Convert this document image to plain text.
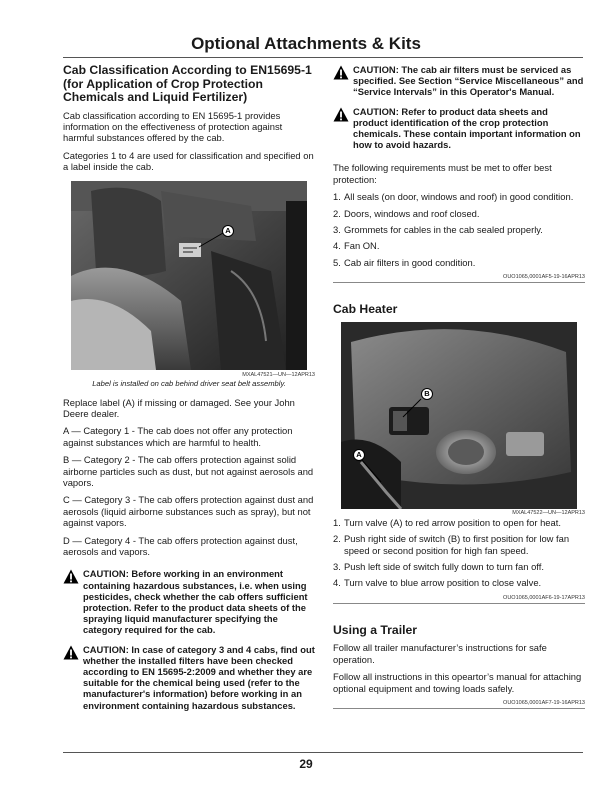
Optional Attachments & Kits
Cab Classification According to EN15695-1 (for Application of Crop Protection Chemicals and Liquid Fertilizer)

Cab classification according to EN 15695-1 provides information on the effectiveness of protection against harmful substances offered by the cab.

Categories 1 to 4 are used for classification and specified on a label inside the cab.

A
MXAL47521—UN—12APR13
Label is installed on cab behind driver seat belt assembly.

Replace label (A) if missing or damaged. See your John Deere dealer.

A — Category 1 - The cab does not offer any protection against substances which are harmful to health.

B — Category 2 - The cab offers protection against solid airborne particles such as dust, but not against aerosols and vapors.

C — Category 3 - The cab offers protection against dust and aerosols (liquid airborne substances such as spray), but not against vapors.

D — Category 4 - The cab offers protection against dust, aerosols and vapors.

CAUTION: Before working in an environment containing hazardous substances, i.e. when using pesticides, check whether the cab offers sufficient protection. Refer to the product data sheets of the spraying liquid manufacturer specifying the category required for the cab.
CAUTION: In case of category 3 and 4 cabs, find out whether the installed filters have been checked according to EN 15695-2:2009 and whether they are suitable for the chemical being used (refer to the manufacturer's information) before working in an environment containing hazardous substances.
CAUTION: The cab air filters must be serviced as specified. See Section “Service Miscellaneous” and “Service Intervals” in this Operator's Manual.
CAUTION: Refer to product data sheets and product identification of the crop protection chemicals. These contain important information on how to avoid hazards.

The following requirements must be met to offer best protection:

1. All seals (on door, windows and roof) in good condition.
2. Doors, windows and roof closed.
3. Grommets for cables in the cab sealed properly.
4. Fan ON.
5. Cab air filters in good condition.
OUO1065,0001AF5-19-16APR13
Cab Heater
B
A
MXAL47522—UN—12APR13
1. Turn valve (A) to red arrow position to open for heat.
2. Push right side of switch (B) to first position for low fan speed or second position for high fan speed.
3. Push left side of switch fully down to turn fan off.
4. Turn valve to blue arrow position to close valve.
OUO1065,0001AF6-19-17APR13
Using a Trailer

Follow all trailer manufacturer’s instructions for safe operation.

Follow all instructions in this opeartor’s manual for attaching optional equipment and towing loads safely.

OUO1065,0001AF7-19-16APR13
29
